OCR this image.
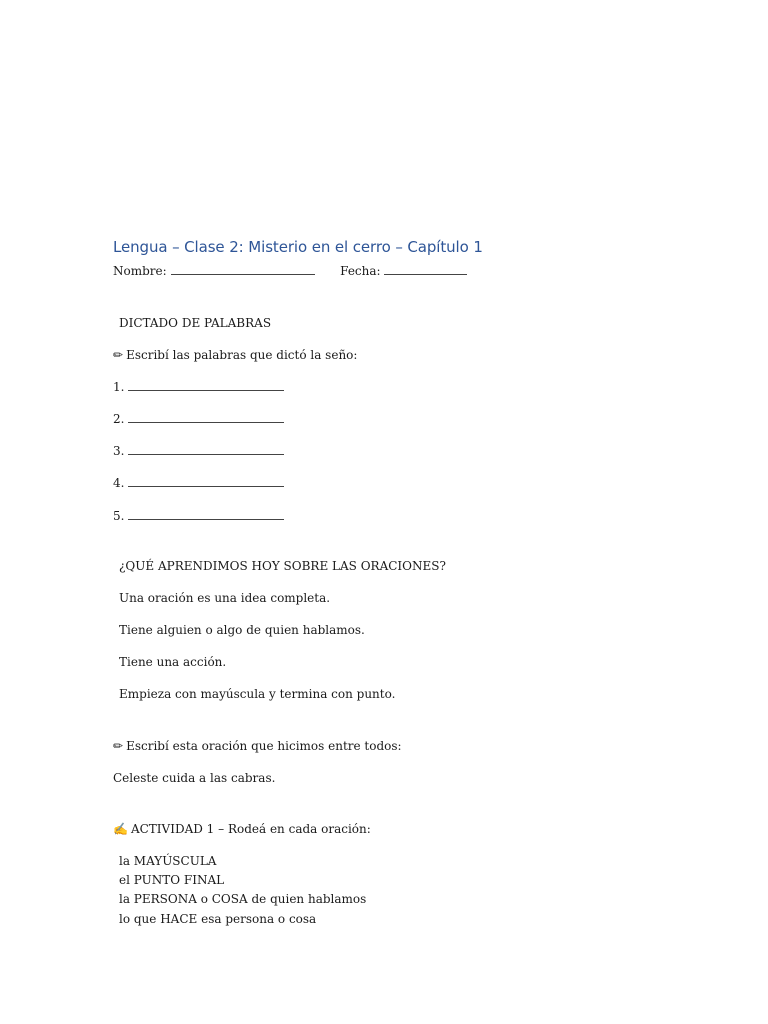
Lengua – Clase 2: Misterio en el cerro – Capítulo 1
Nombre:	Fecha:
DICTADO DE PALABRAS
✏ Escribí las palabras que dictó la seño:
1.
2.
3.
4.
5.
¿QUÉ APRENDIMOS HOY SOBRE LAS ORACIONES?
Una oración es una idea completa.
Tiene alguien o algo de quien hablamos.
Tiene una acción.
Empieza con mayúscula y termina con punto.
✏ Escribí esta oración que hicimos entre todos:
Celeste cuida a las cabras.
✍ ACTIVIDAD 1 – Rodeá en cada oración:
la MAYÚSCULA
el PUNTO FINAL
la PERSONA o COSA de quien hablamos
lo que HACE esa persona o cosa
